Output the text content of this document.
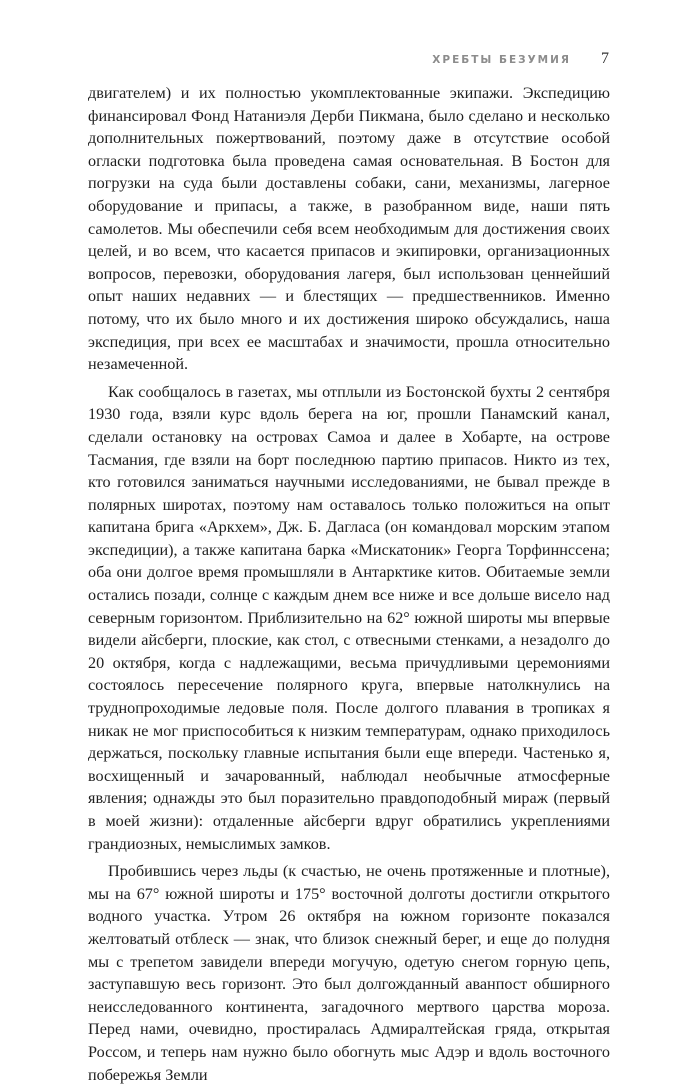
ХРЕБТЫ БЕЗУМИЯ 7

двигателем) и их полностью укомплектованные экипажи. Экспедицию финансировал Фонд Натаниэля Дерби Пикмана, было сделано и несколько дополнительных пожертвований, поэтому даже в отсутствие особой огласки подготовка была проведена самая основательная. В Бостон для погрузки на суда были доставлены собаки, сани, механизмы, лагерное оборудование и припасы, а также, в разобранном виде, наши пять самолетов. Мы обеспечили себя всем необходимым для достижения своих целей, и во всем, что касается припасов и экипировки, организационных вопросов, перевозки, оборудования лагеря, был использован ценнейший опыт наших недавних — и блестящих — предшественников. Именно потому, что их было много и их достижения широко обсуждались, наша экспедиция, при всех ее масштабах и значимости, прошла относительно незамеченной.

Как сообщалось в газетах, мы отплыли из Бостонской бухты 2 сентября 1930 года, взяли курс вдоль берега на юг, прошли Панамский канал, сделали остановку на островах Самоа и далее в Хобарте, на острове Тасмания, где взяли на борт последнюю партию припасов. Никто из тех, кто готовился заниматься научными исследованиями, не бывал прежде в полярных широтах, поэтому нам оставалось только положиться на опыт капитана брига «Аркхем», Дж. Б. Дагласа (он командовал морским этапом экспедиции), а также капитана барка «Мискатоник» Георга Торфиннссена; оба они долгое время промышляли в Антарктике китов. Обитаемые земли остались позади, солнце с каждым днем все ниже и все дольше висело над северным горизонтом. Приблизительно на 62° южной широты мы впервые видели айсберги, плоские, как стол, с отвесными стенками, а незадолго до 20 октября, когда с надлежащими, весьма причудливыми церемониями состоялось пересечение полярного круга, впервые натолкнулись на труднопроходимые ледовые поля. После долгого плавания в тропиках я никак не мог приспособиться к низким температурам, однако приходилось держаться, поскольку главные испытания были еще впереди. Частенько я, восхищенный и зачарованный, наблюдал необычные атмосферные явления; однажды это был поразительно правдоподобный мираж (первый в моей жизни): отдаленные айсберги вдруг обратились укреплениями грандиозных, немыслимых замков.

Пробившись через льды (к счастью, не очень протяженные и плотные), мы на 67° южной широты и 175° восточной долготы достигли открытого водного участка. Утром 26 октября на южном горизонте показался желтоватый отблеск — знак, что близок снежный берег, и еще до полудня мы с трепетом завидели впереди могучую, одетую снегом горную цепь, заступавшую весь горизонт. Это был долгожданный аванпост обширного неисследованного континента, загадочного мертвого царства мороза. Перед нами, очевидно, простиралась Адмиралтейская гряда, открытая Россом, и теперь нам нужно было обогнуть мыс Адэр и вдоль восточного побережья Земли
